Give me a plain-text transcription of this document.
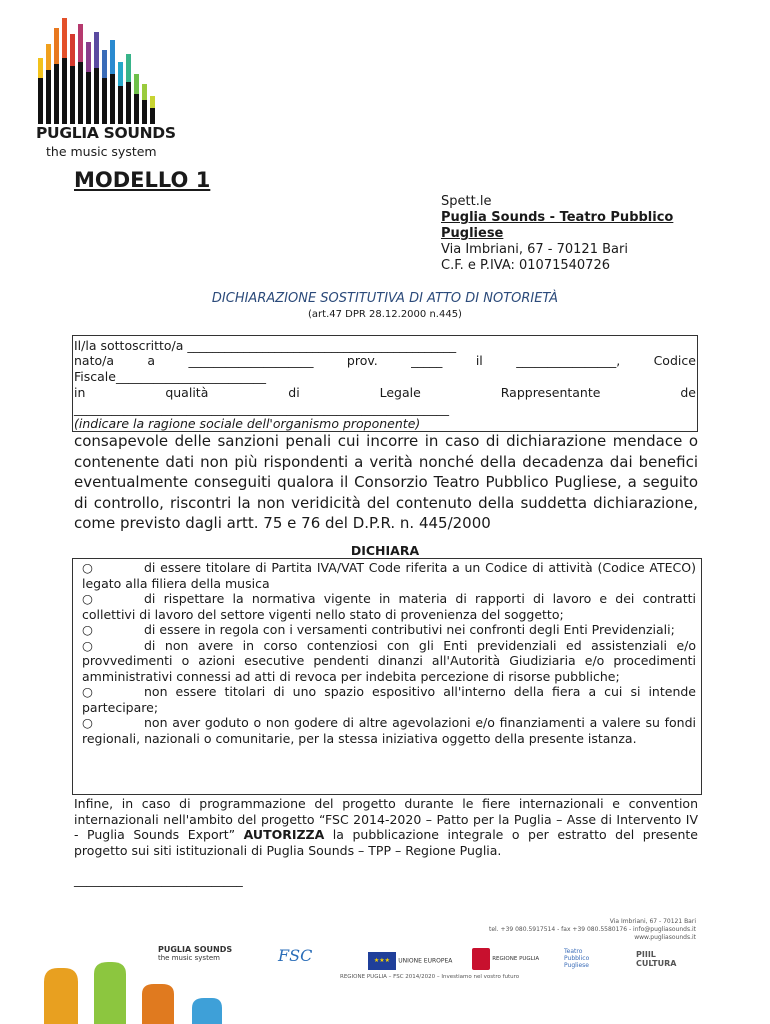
PUGLIA SOUNDS
the music system
MODELLO 1
Spett.le
Puglia Sounds - Teatro Pubblico
Pugliese
Via Imbriani, 67 - 70121 Bari
C.F. e P.IVA: 01071540726
DICHIARAZIONE SOSTITUTIVA DI ATTO DI NOTORIETÀ
(art.47 DPR 28.12.2000 n.445)
Il/la sottoscritto/a ___________________________________________
nato/a	a	____________________	prov.	_____	il	________________,	Codice
Fiscale________________________
in	qualità	di	Legale	Rappresentante	de
____________________________________________________________
(indicare la ragione sociale dell'organismo proponente)
consapevole delle sanzioni penali cui incorre in caso di dichiarazione mendace o contenente dati non più rispondenti a verità nonché della decadenza dai benefici eventualmente conseguiti qualora il Consorzio Teatro Pubblico Pugliese, a seguito di controllo, riscontri la non veridicità del contenuto della suddetta dichiarazione, come previsto dagli artt. 75 e 76 del D.P.R. n. 445/2000
DICHIARA
○	di essere titolare di Partita IVA/VAT Code riferita a un Codice di attività (Codice ATECO) legato alla filiera della musica
○	di rispettare la normativa vigente in materia di rapporti di lavoro e dei contratti collettivi di lavoro del settore vigenti nello stato di provenienza del soggetto;
○	di essere in regola con i versamenti contributivi nei confronti degli Enti Previdenziali;
○	di non avere in corso contenziosi con gli Enti previdenziali ed assistenziali e/o provvedimenti o azioni esecutive pendenti dinanzi all'Autorità Giudiziaria e/o procedimenti amministrativi connessi ad atti di revoca per indebita percezione di risorse pubbliche;
○	non essere titolari di uno spazio espositivo all'interno della fiera a cui si intende partecipare;
○	non aver goduto o non godere di altre agevolazioni e/o finanziamenti a valere su fondi regionali, nazionali o comunitarie, per la stessa iniziativa oggetto della presente istanza.
Infine, in caso di programmazione del progetto durante le fiere internazionali e convention internazionali nell'ambito del progetto “FSC 2014-2020 – Patto per la Puglia – Asse di Intervento IV - Puglia Sounds Export” AUTORIZZA la pubblicazione integrale o per estratto del presente progetto sui siti istituzionali di Puglia Sounds – TPP – Regione Puglia.
___________________________
Via Imbriani, 67 - 70121 Bari
tel. +39 080.5917514 - fax +39 080.5580176 - info@pugliasounds.it
www.pugliasounds.it
PUGLIA SOUNDS
the music system	FSC	★★★ UNIONE EUROPEA	REGIONE PUGLIA
Teatro Pubblico Pugliese
PIIIL CULTURA
REGIONE PUGLIA – FSC 2014/2020 – Investiamo nel vostro futuro
